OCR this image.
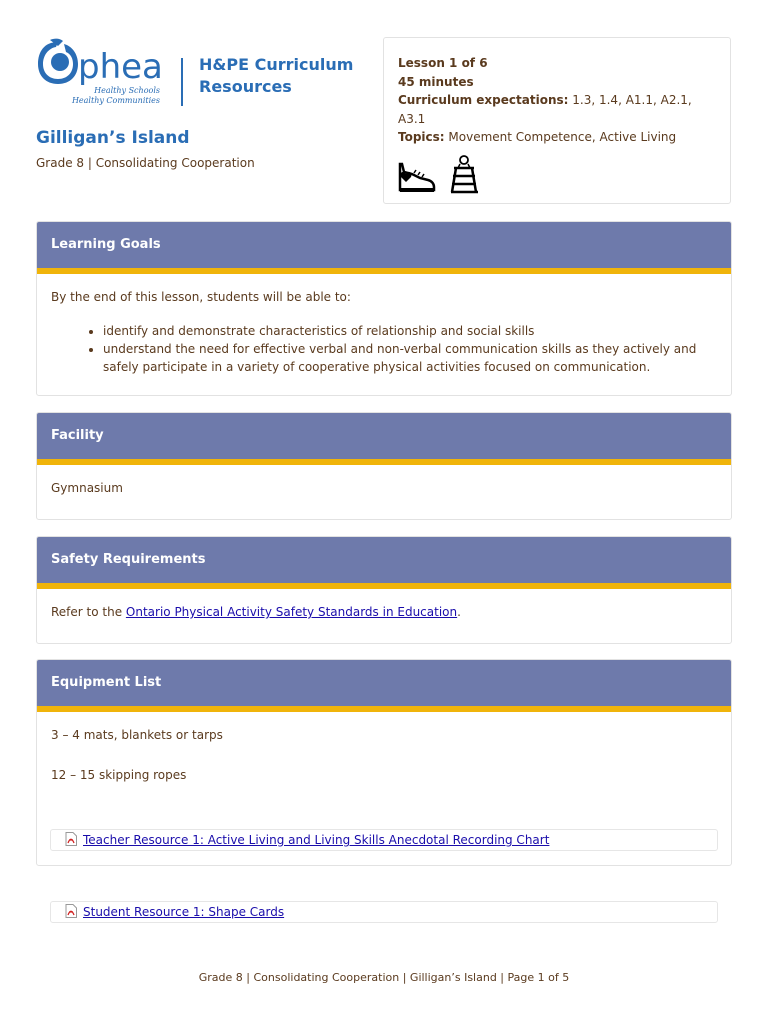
phea
Healthy Schools
Healthy Communities
H&PE Curriculum
Resources
Gilligan’s Island
Grade 8 | Consolidating Cooperation
Lesson 1 of 6
45 minutes
Curriculum expectations: 1.3, 1.4, A1.1, A2.1, A3.1
Topics: Movement Competence, Active Living
Learning Goals

By the end of this lesson, students will be able to:

• identify and demonstrate characteristics of relationship and social skills
• understand the need for effective verbal and non-verbal communication skills as they actively and safely participate in a variety of cooperative physical activities focused on communication.
Facility

Gymnasium

Safety Requirements

Refer to the Ontario Physical Activity Safety Standards in Education.

Equipment List

3 – 4 mats, blankets or tarps

12 – 15 skipping ropes

Teacher Resource 1: Active Living and Living Skills Anecdotal Recording Chart
Student Resource 1: Shape Cards
Grade 8 | Consolidating Cooperation | Gilligan’s Island | Page 1 of 5
